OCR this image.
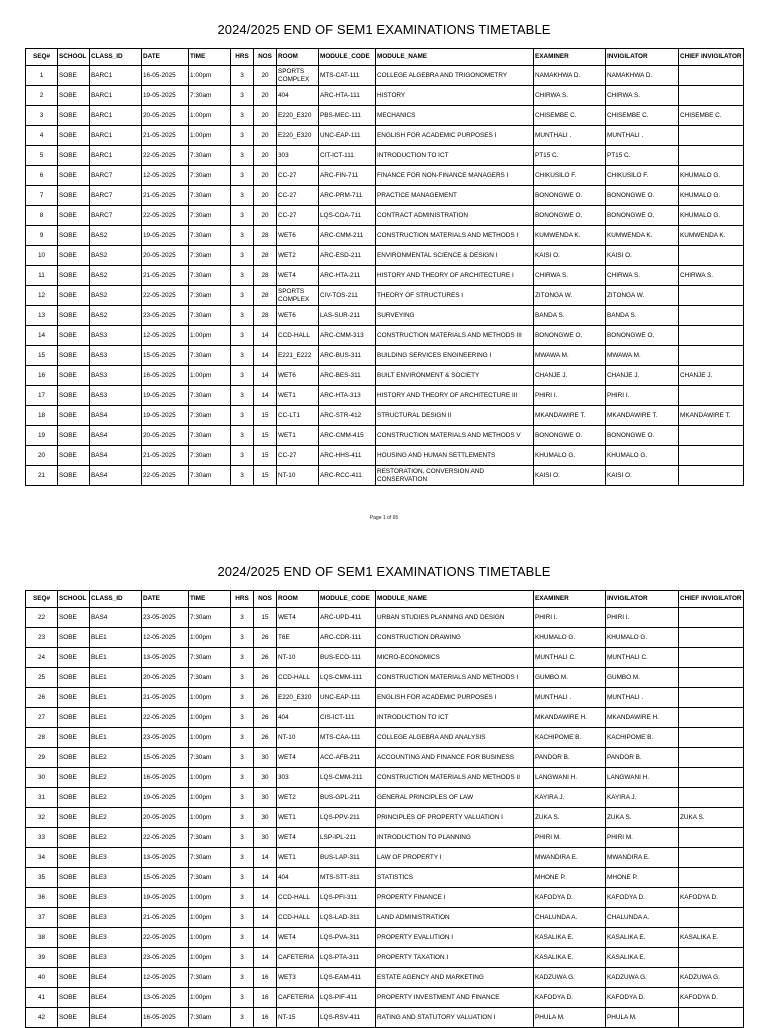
2024/2025 END OF SEM1 EXAMINATIONS TIMETABLE
SEQ#	SCHOOL	CLASS_ID	DATE	TIME	HRS	NOS	ROOM	MODULE_CODE	MODULE_NAME	EXAMINER	INVIGILATOR	CHIEF INVIGILATOR
1	SOBE	BARC1	16-05-2025	1:00pm	3	20	SPORTS COMPLEX	MTS-CAT-111	COLLEGE ALGEBRA AND TRIGONOMETRY	NAMAKHWA D.	NAMAKHWA D.	
2	SOBE	BARC1	19-05-2025	7:30am	3	20	404	ARC-HTA-111	HISTORY	CHIRWA S.	CHIRWA S.	
3	SOBE	BARC1	20-05-2025	1:00pm	3	20	E220_E320	PBS-MEC-111	MECHANICS	CHISEMBE C.	CHISEMBE C.	CHISEMBE C.
4	SOBE	BARC1	21-05-2025	1:00pm	3	20	E220_E320	UNC-EAP-111	ENGLISH FOR ACADEMIC PURPOSES I	MUNTHALI .	MUNTHALI .	
5	SOBE	BARC1	22-05-2025	7:30am	3	20	303	CIT-ICT-111	INTRODUCTION TO ICT	PT15 C.	PT15 C.	
6	SOBE	BARC7	12-05-2025	7:30am	3	20	CC-27	ARC-FIN-711	FINANCE FOR NON-FINANCE MANAGERS I	CHIKUSILO F.	CHIKUSILO F.	KHUMALO G.
7	SOBE	BARC7	21-05-2025	7:30am	3	20	CC-27	ARC-PRM-711	PRACTICE MANAGEMENT	BONONGWE O.	BONONGWE O.	KHUMALO G.
8	SOBE	BARC7	22-05-2025	7:30am	3	20	CC-27	LQS-COA-711	CONTRACT ADMINISTRATION	BONONGWE O.	BONONGWE O.	KHUMALO G.
9	SOBE	BAS2	19-05-2025	7:30am	3	28	WET6	ARC-CMM-211	CONSTRUCTION MATERIALS AND METHODS I	KUMWENDA K.	KUMWENDA K.	KUMWENDA K.
10	SOBE	BAS2	20-05-2025	7:30am	3	28	WET2	ARC-ESD-211	ENVIRONMENTAL SCIENCE & DESIGN I	KAISI O.	KAISI O.	
11	SOBE	BAS2	21-05-2025	7:30am	3	28	WET4	ARC-HTA-211	HISTORY AND THEORY OF ARCHITECTURE I	CHIRWA S.	CHIRWA S.	CHIRWA S.
12	SOBE	BAS2	22-05-2025	7:30am	3	28	SPORTS COMPLEX	CIV-TOS-211	THEORY OF STRUCTURES I	ZITONGA W.	ZITONGA W.	
13	SOBE	BAS2	23-05-2025	7:30am	3	28	WET6	LAS-SUR-211	SURVEYING	BANDA S.	BANDA S.	
14	SOBE	BAS3	12-05-2025	1:00pm	3	14	CCD-HALL	ARC-CMM-313	CONSTRUCTION MATERIALS AND METHODS III	BONONGWE O.	BONONGWE O.	
15	SOBE	BAS3	15-05-2025	7:30am	3	14	E221_E222	ARC-BUS-311	BUILDING SERVICES ENGINEERING I	MWAWA M.	MWAWA M.	
16	SOBE	BAS3	16-05-2025	1:00pm	3	14	WET6	ARC-BES-311	BUILT ENVIRONMENT & SOCIETY	CHANJE J.	CHANJE J.	CHANJE J.
17	SOBE	BAS3	19-05-2025	7:30am	3	14	WET1	ARC-HTA-313	HISTORY AND THEORY OF ARCHITECTURE III	PHIRI I.	PHIRI I.	
18	SOBE	BAS4	19-05-2025	7:30am	3	15	CC-LT1	ARC-STR-412	STRUCTURAL DESIGN II	MKANDAWIRE T.	MKANDAWIRE T.	MKANDAWIRE T.
19	SOBE	BAS4	20-05-2025	7:30am	3	15	WET1	ARC-CMM-415	CONSTRUCTION MATERIALS AND METHODS V	BONONGWE O.	BONONGWE O.	
20	SOBE	BAS4	21-05-2025	7:30am	3	15	CC-27	ARC-HHS-411	HOUSING AND HUMAN SETTLEMENTS	KHUMALO G.	KHUMALO G.	
21	SOBE	BAS4	22-05-2025	7:30am	3	15	NT-10	ARC-RCC-411	RESTORATION, CONVERSION AND CONSERVATION	KAISI O.	KAISI O.	
Page 1 of 65
2024/2025 END OF SEM1 EXAMINATIONS TIMETABLE
SEQ#	SCHOOL	CLASS_ID	DATE	TIME	HRS	NOS	ROOM	MODULE_CODE	MODULE_NAME	EXAMINER	INVIGILATOR	CHIEF INVIGILATOR
22	SOBE	BAS4	23-05-2025	7:30am	3	15	WET4	ARC-UPD-411	URBAN STUDIES PLANNING AND DESIGN	PHIRI I.	PHIRI I.	
23	SOBE	BLE1	12-05-2025	1:00pm	3	26	T6E	ARC-CDR-111	CONSTRUCTION DRAWING	KHUMALO G.	KHUMALO G.	
24	SOBE	BLE1	13-05-2025	7:30am	3	26	NT-10	BUS-ECO-111	MICRO-ECONOMICS	MUNTHALI C.	MUNTHALI C.	
25	SOBE	BLE1	20-05-2025	7:30am	3	26	CCD-HALL	LQS-CMM-111	CONSTRUCTION MATERIALS AND METHODS I	GUMBO M.	GUMBO M.	
26	SOBE	BLE1	21-05-2025	1:00pm	3	26	E220_E320	UNC-EAP-111	ENGLISH FOR ACADEMIC PURPOSES I	MUNTHALI .	MUNTHALI .	
27	SOBE	BLE1	22-05-2025	1:00pm	3	26	404	CIS-ICT-111	INTRODUCTION TO ICT	MKANDAWIRE H.	MKANDAWIRE H.	
28	SOBE	BLE1	23-05-2025	1:00pm	3	26	NT-10	MTS-CAA-111	COLLEGE ALGEBRA AND ANALYSIS	KACHIPOME B.	KACHIPOME B.	
29	SOBE	BLE2	15-05-2025	7:30am	3	30	WET4	ACC-AFB-211	ACCOUNTING AND FINANCE FOR BUSINESS	PANDOR B.	PANDOR B.	
30	SOBE	BLE2	16-05-2025	1:00pm	3	30	303	LQS-CMM-211	CONSTRUCTION MATERIALS AND METHODS II	LANGWANI H.	LANGWANI H.	
31	SOBE	BLE2	19-05-2025	1:00pm	3	30	WET2	BUS-GPL-211	GENERAL PRINCIPLES OF LAW	KAYIRA J.	KAYIRA J.	
32	SOBE	BLE2	20-05-2025	1:00pm	3	30	WET1	LQS-PPV-211	PRINCIPLES OF PROPERTY VALUATION I	ZUKA S.	ZUKA S.	ZUKA S.
33	SOBE	BLE2	22-05-2025	7:30am	3	30	WET4	LSP-IPL-211	INTRODUCTION TO PLANNING	PHIRI M.	PHIRI M.	
34	SOBE	BLE3	13-05-2025	7:30am	3	14	WET1	BUS-LAP-311	LAW OF PROPERTY I	MWANDIRA E.	MWANDIRA E.	
35	SOBE	BLE3	15-05-2025	7:30am	3	14	404	MTS-STT-311	STATISTICS	MHONE P.	MHONE P.	
36	SOBE	BLE3	19-05-2025	1:00pm	3	14	CCD-HALL	LQS-PFI-311	PROPERTY FINANCE I	KAFODYA D.	KAFODYA D.	KAFODYA D.
37	SOBE	BLE3	21-05-2025	1:00pm	3	14	CCD-HALL	LQS-LAD-311	LAND ADMINISTRATION	CHALUNDA A.	CHALUNDA A.	
38	SOBE	BLE3	22-05-2025	1:00pm	3	14	WET4	LQS-PVA-311	PROPERTY EVALUTION I	KASALIKA E.	KASALIKA E.	KASALIKA E.
39	SOBE	BLE3	23-05-2025	1:00pm	3	14	CAFETERIA	LQS-PTA-311	PROPERTY TAXATION I	KASALIKA E.	KASALIKA E.	
40	SOBE	BLE4	12-05-2025	7:30am	3	16	WET3	LQS-EAM-411	ESTATE AGENCY AND MARKETING	KADZUWA G.	KADZUWA G.	KADZUWA G.
41	SOBE	BLE4	13-05-2025	1:00pm	3	16	CAFETERIA	LQS-PIF-411	PROPERTY INVESTMENT AND FINANCE	KAFODYA D.	KAFODYA D.	KAFODYA D.
42	SOBE	BLE4	16-05-2025	7:30am	3	16	NT-15	LQS-RSV-411	RATING AND STATUTORY VALUATION I	PHULA M.	PHULA M.	
